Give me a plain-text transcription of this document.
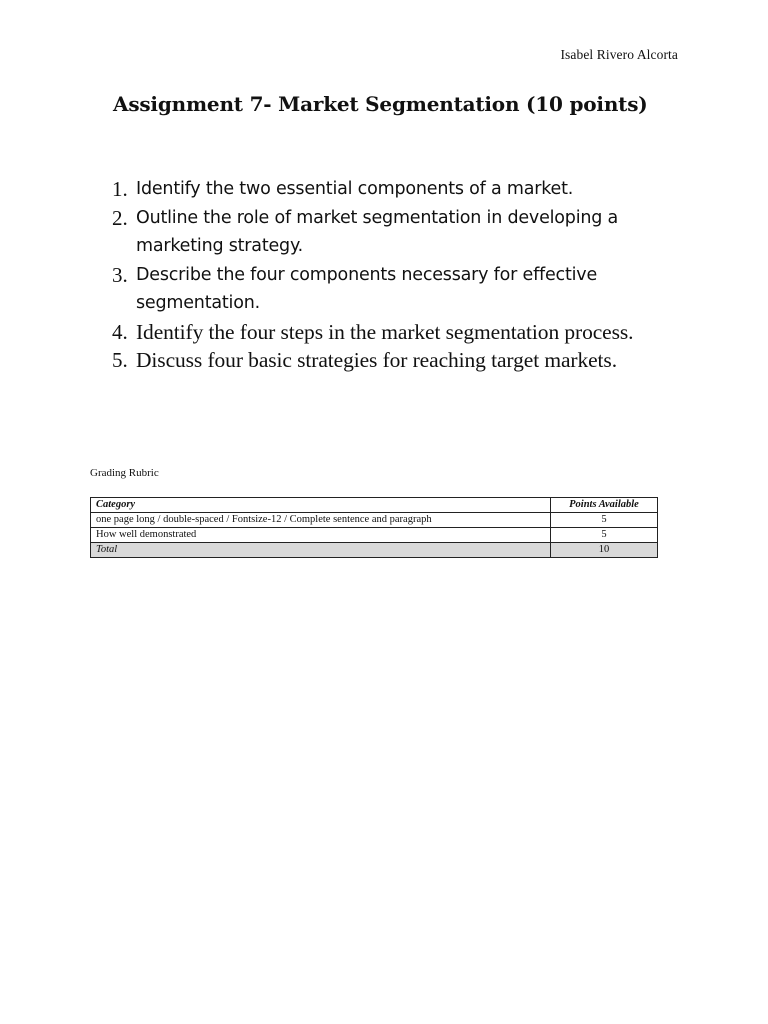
Isabel Rivero Alcorta
Assignment 7- Market Segmentation (10 points)
1. Identify the two essential components of a market.
2. Outline the role of market segmentation in developing a marketing strategy.
3. Describe the four components necessary for effective segmentation.
4. Identify the four steps in the market segmentation process.
5. Discuss four basic strategies for reaching target markets.
Grading Rubric
Category	Points Available
one page long / double-spaced / Fontsize-12 / Complete sentence and paragraph	5
How well demonstrated	5
Total	10
